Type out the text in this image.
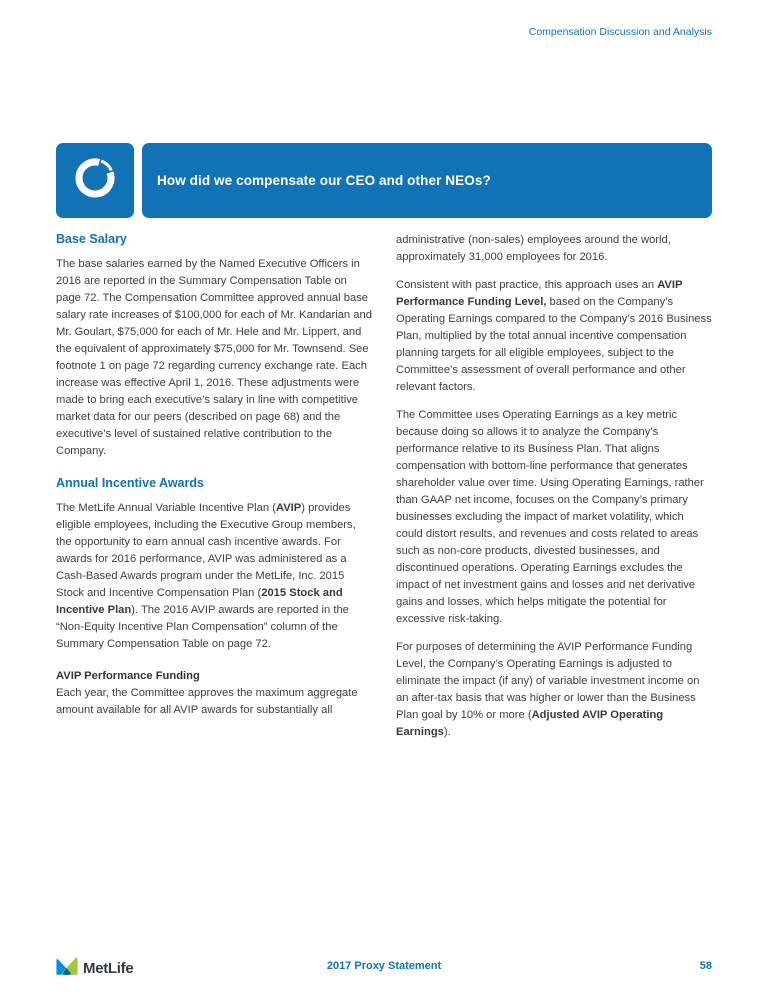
Compensation Discussion and Analysis
How did we compensate our CEO and other NEOs?
Base Salary
The base salaries earned by the Named Executive Officers in 2016 are reported in the Summary Compensation Table on page 72. The Compensation Committee approved annual base salary rate increases of $100,000 for each of Mr. Kandarian and Mr. Goulart, $75,000 for each of Mr. Hele and Mr. Lippert, and the equivalent of approximately $75,000 for Mr. Townsend. See footnote 1 on page 72 regarding currency exchange rate. Each increase was effective April 1, 2016. These adjustments were made to bring each executive’s salary in line with competitive market data for our peers (described on page 68) and the executive’s level of sustained relative contribution to the Company.
Annual Incentive Awards
The MetLife Annual Variable Incentive Plan (AVIP) provides eligible employees, including the Executive Group members, the opportunity to earn annual cash incentive awards. For awards for 2016 performance, AVIP was administered as a Cash-Based Awards program under the MetLife, Inc. 2015 Stock and Incentive Compensation Plan (2015 Stock and Incentive Plan). The 2016 AVIP awards are reported in the “Non-Equity Incentive Plan Compensation” column of the Summary Compensation Table on page 72.
AVIP Performance Funding
Each year, the Committee approves the maximum aggregate amount available for all AVIP awards for substantially all
administrative (non-sales) employees around the world, approximately 31,000 employees for 2016.
Consistent with past practice, this approach uses an AVIP Performance Funding Level, based on the Company’s Operating Earnings compared to the Company’s 2016 Business Plan, multiplied by the total annual incentive compensation planning targets for all eligible employees, subject to the Committee’s assessment of overall performance and other relevant factors.
The Committee uses Operating Earnings as a key metric because doing so allows it to analyze the Company’s performance relative to its Business Plan. That aligns compensation with bottom-line performance that generates shareholder value over time. Using Operating Earnings, rather than GAAP net income, focuses on the Company’s primary businesses excluding the impact of market volatility, which could distort results, and revenues and costs related to areas such as non-core products, divested businesses, and discontinued operations. Operating Earnings excludes the impact of net investment gains and losses and net derivative gains and losses, which helps mitigate the potential for excessive risk-taking.
For purposes of determining the AVIP Performance Funding Level, the Company’s Operating Earnings is adjusted to eliminate the impact (if any) of variable investment income on an after-tax basis that was higher or lower than the Business Plan goal by 10% or more (Adjusted AVIP Operating Earnings).
MetLife	2017 Proxy Statement	58
